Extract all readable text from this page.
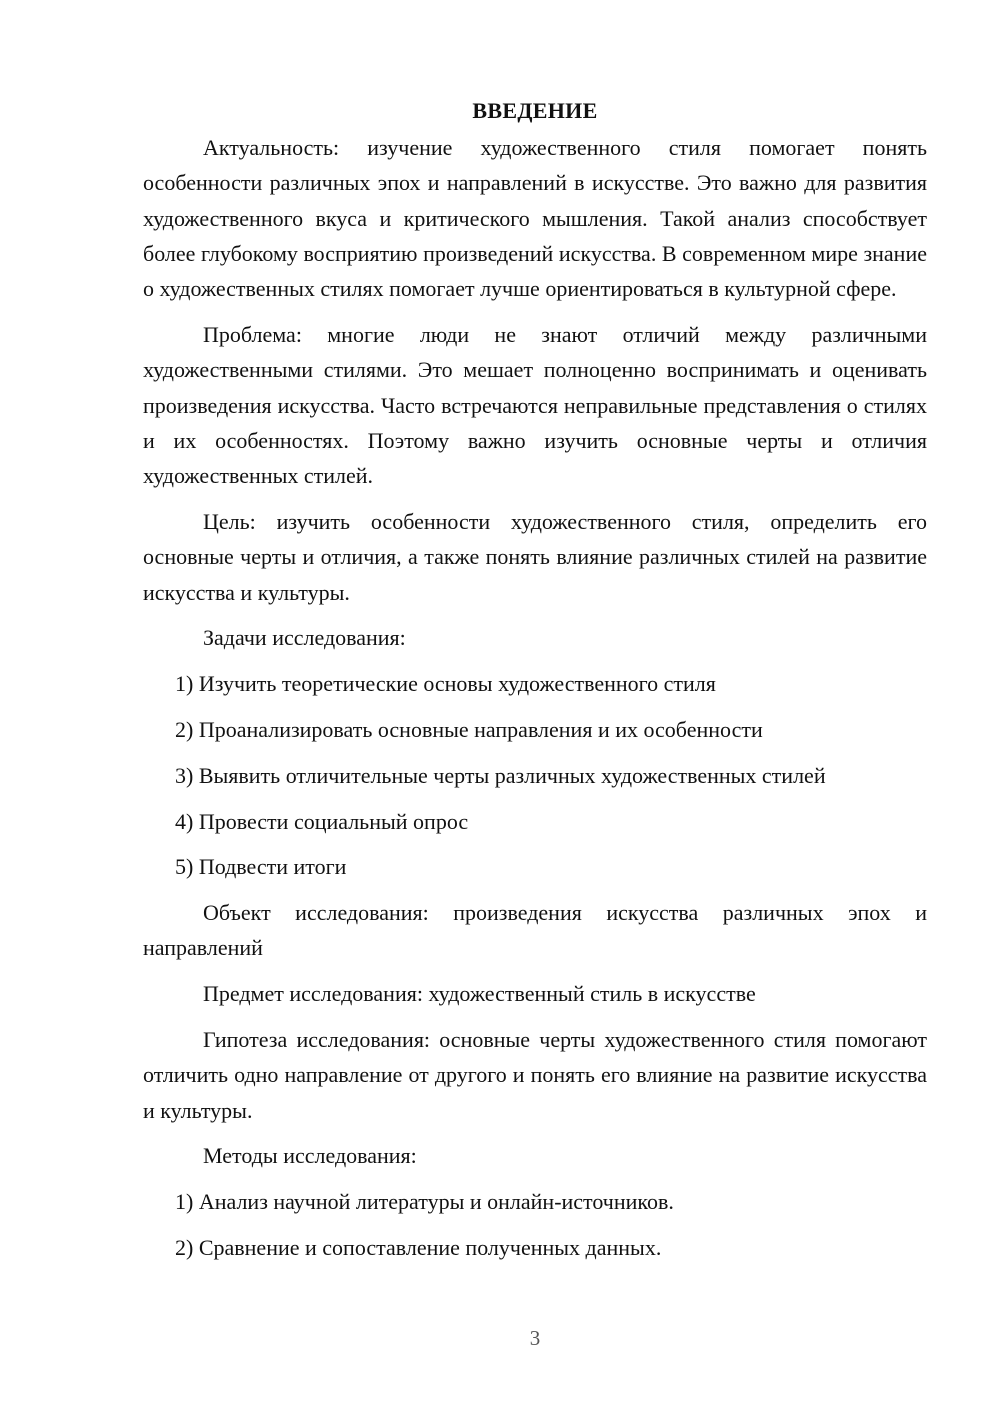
ВВЕДЕНИЕ

Актуальность: изучение художественного стиля помогает понять особенности различных эпох и направлений в искусстве. Это важно для развития художественного вкуса и критического мышления. Такой анализ способствует более глубокому восприятию произведений искусства. В современном мире знание о художественных стилях помогает лучше ориентироваться в культурной сфере.

Проблема: многие люди не знают отличий между различными художественными стилями. Это мешает полноценно воспринимать и оценивать произведения искусства. Часто встречаются неправильные представления о стилях и их особенностях. Поэтому важно изучить основные черты и отличия художественных стилей.

Цель: изучить особенности художественного стиля, определить его основные черты и отличия, а также понять влияние различных стилей на развитие искусства и культуры.

Задачи исследования:

1) Изучить теоретические основы художественного стиля
2) Проанализировать основные направления и их особенности
3) Выявить отличительные черты различных художественных стилей
4) Провести социальный опрос
5) Подвести итоги

Объект исследования: произведения искусства различных эпох и направлений

Предмет исследования: художественный стиль в искусстве

Гипотеза исследования: основные черты художественного стиля помогают отличить одно направление от другого и понять его влияние на развитие искусства и культуры.

Методы исследования:

1) Анализ научной литературы и онлайн-источников.
2) Сравнение и сопоставление полученных данных.
3
